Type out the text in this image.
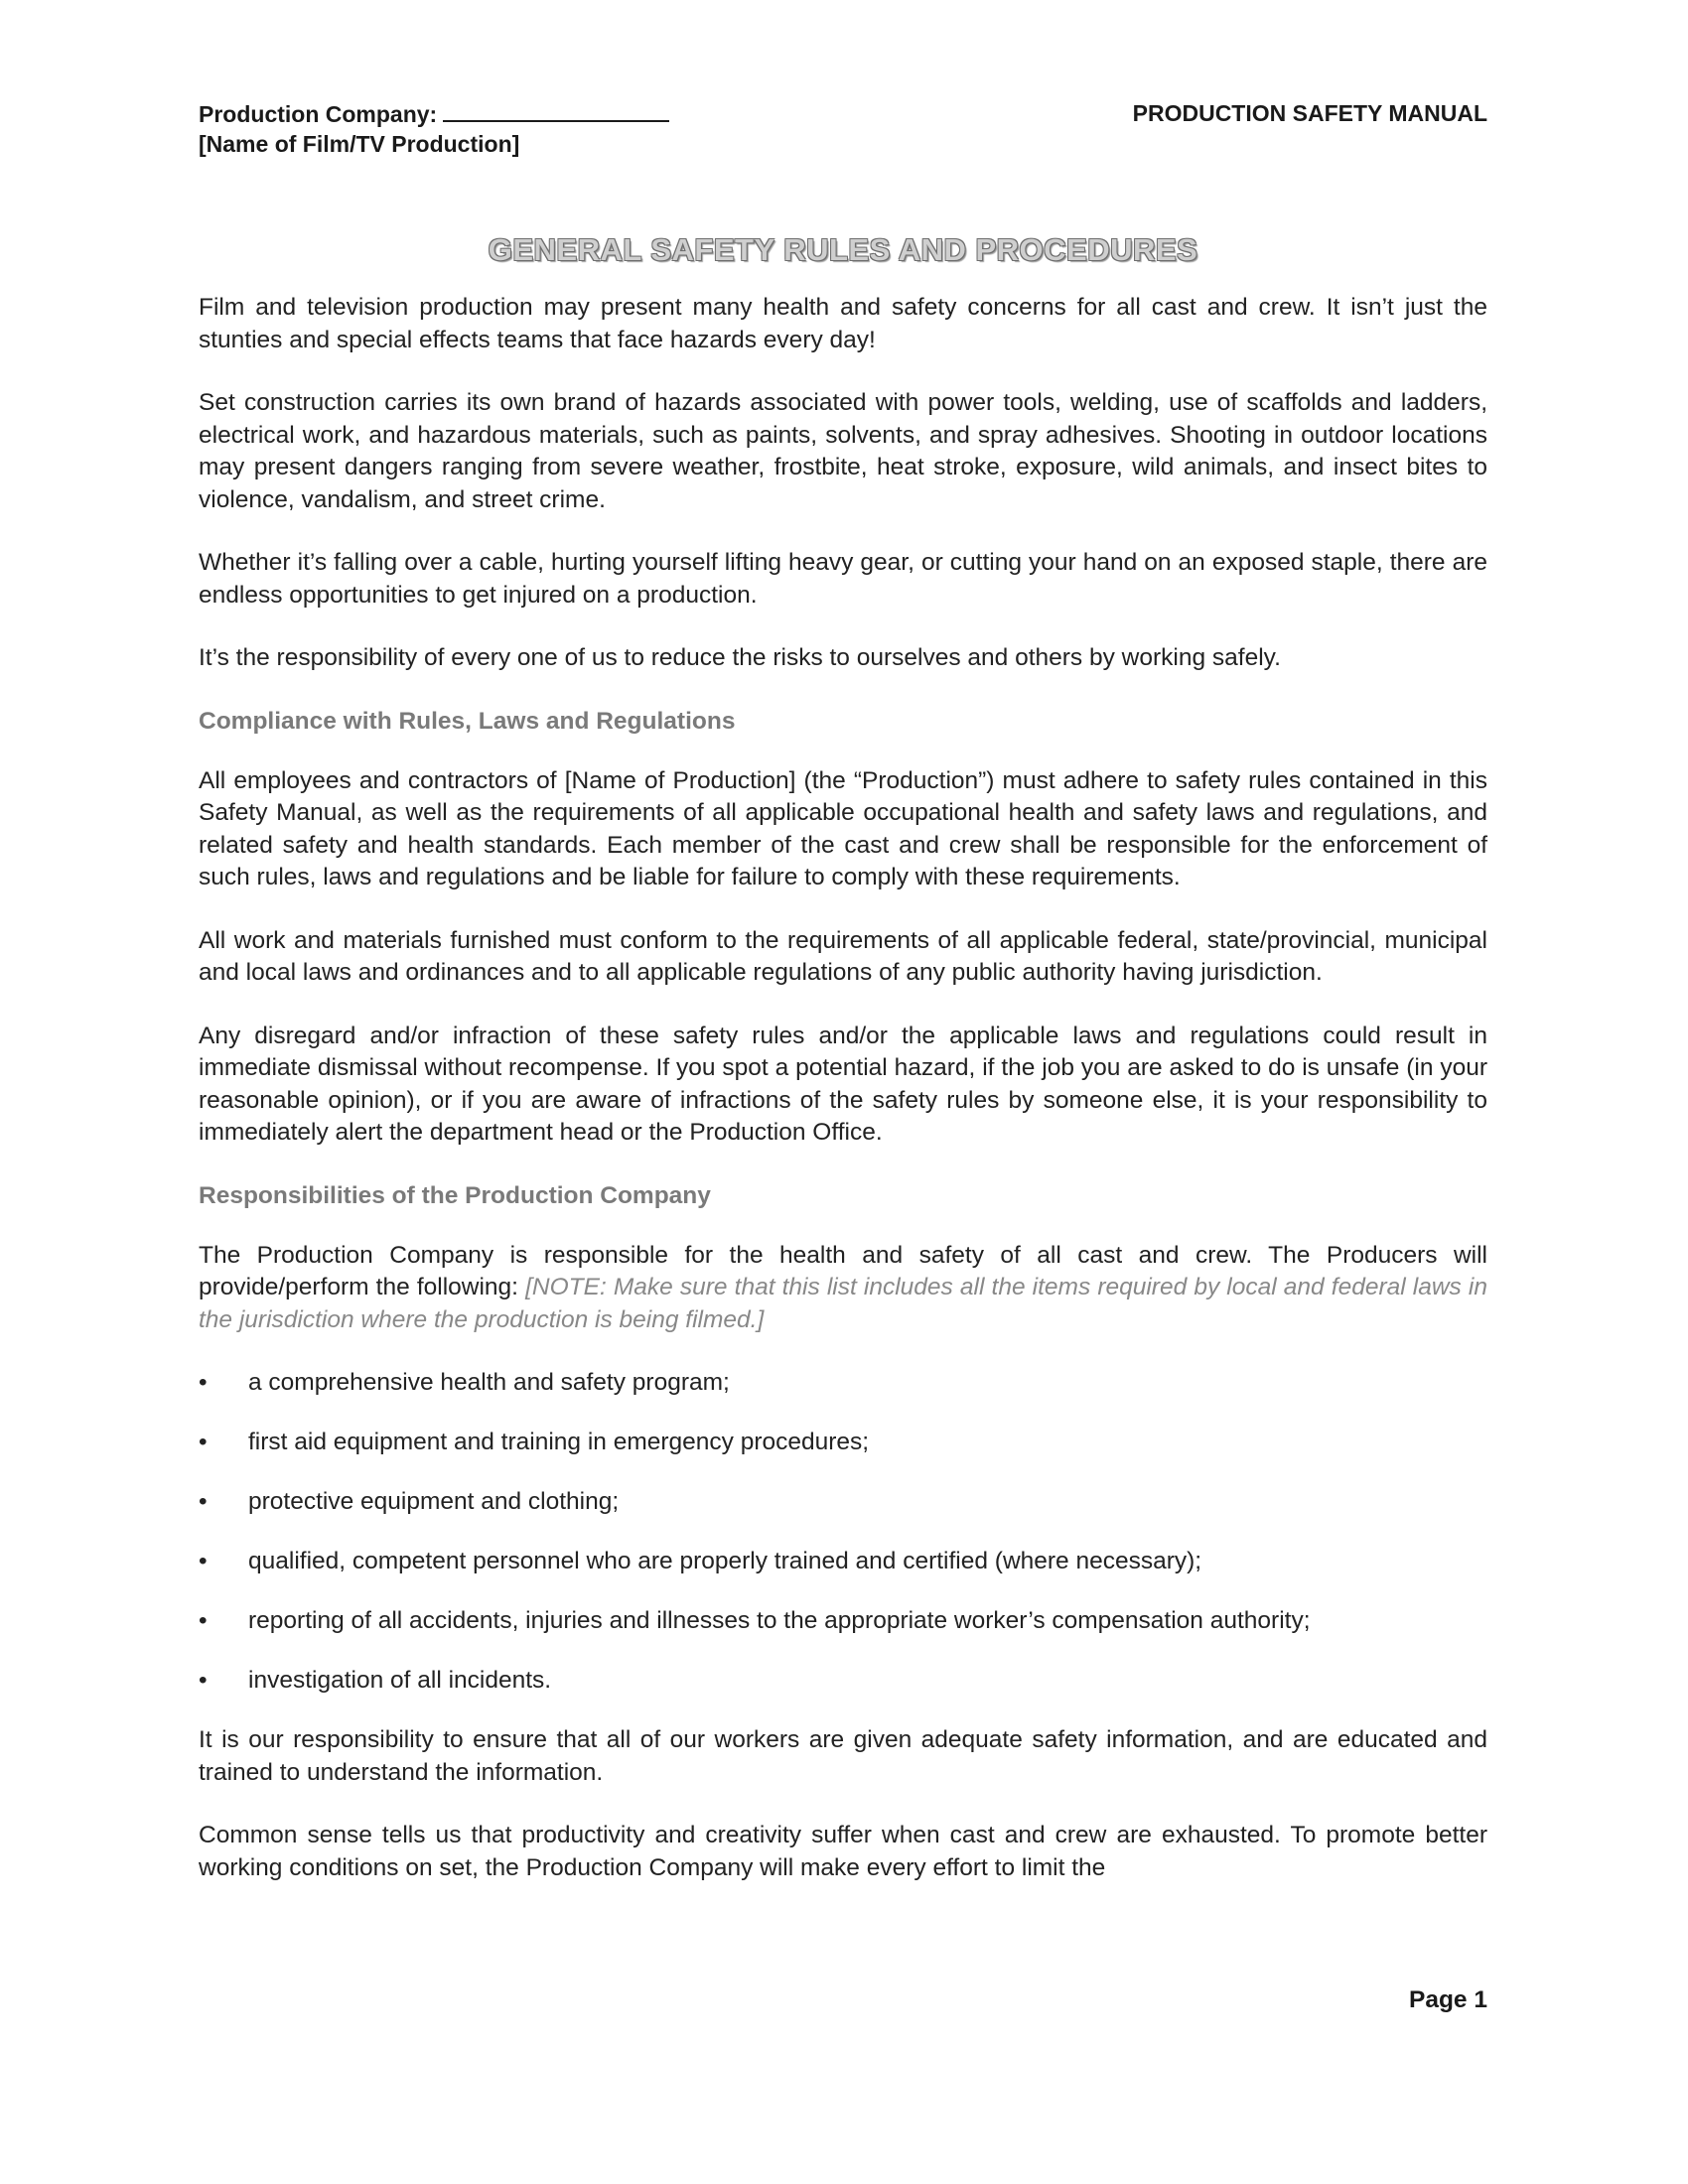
Production Company:
[Name of Film/TV Production]
PRODUCTION SAFETY MANUAL
GENERAL SAFETY RULES AND PROCEDURES

Film and television production may present many health and safety concerns for all cast and crew. It isn’t just the stunties and special effects teams that face hazards every day!

Set construction carries its own brand of hazards associated with power tools, welding, use of scaffolds and ladders, electrical work, and hazardous materials, such as paints, solvents, and spray adhesives. Shooting in outdoor locations may present dangers ranging from severe weather, frostbite, heat stroke, exposure, wild animals, and insect bites to violence, vandalism, and street crime.

Whether it’s falling over a cable, hurting yourself lifting heavy gear, or cutting your hand on an exposed staple, there are endless opportunities to get injured on a production.

It’s the responsibility of every one of us to reduce the risks to ourselves and others by working safely.

Compliance with Rules, Laws and Regulations

All employees and contractors of [Name of Production] (the “Production”) must adhere to safety rules contained in this Safety Manual, as well as the requirements of all applicable occupational health and safety laws and regulations, and related safety and health standards. Each member of the cast and crew shall be responsible for the enforcement of such rules, laws and regulations and be liable for failure to comply with these requirements.

All work and materials furnished must conform to the requirements of all applicable federal, state/provincial, municipal and local laws and ordinances and to all applicable regulations of any public authority having jurisdiction.

Any disregard and/or infraction of these safety rules and/or the applicable laws and regulations could result in immediate dismissal without recompense. If you spot a potential hazard, if the job you are asked to do is unsafe (in your reasonable opinion), or if you are aware of infractions of the safety rules by someone else, it is your responsibility to immediately alert the department head or the Production Office.

Responsibilities of the Production Company

The Production Company is responsible for the health and safety of all cast and crew. The Producers will provide/perform the following: [NOTE: Make sure that this list includes all the items required by local and federal laws in the jurisdiction where the production is being filmed.]

•	a comprehensive health and safety program;
•	first aid equipment and training in emergency procedures;
•	protective equipment and clothing;
•	qualified, competent personnel who are properly trained and certified (where necessary);
•	reporting of all accidents, injuries and illnesses to the appropriate worker’s compensation authority;
•	investigation of all incidents.

It is our responsibility to ensure that all of our workers are given adequate safety information, and are educated and trained to understand the information.

Common sense tells us that productivity and creativity suffer when cast and crew are exhausted. To promote better working conditions on set, the Production Company will make every effort to limit the

Page 1
